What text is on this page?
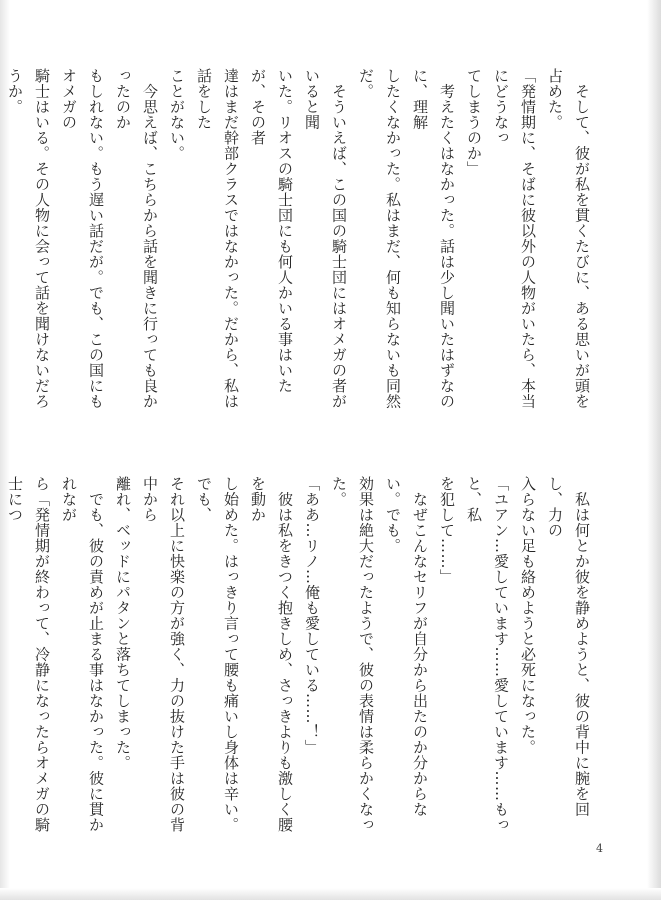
　そして、彼が私を貫くたびに、ある思いが頭を占めた。

「発情期に、そばに彼以外の人物がいたら、本当にどうなっ

てしまうのか」

　考えたくはなかった。話は少し聞いたはずなのに、理解

したくなかった。私はまだ、何も知らないも同然だ。

　そういえば、この国の騎士団にはオメガの者がいると聞

いた。リオスの騎士団にも何人かいる事はいたが、その者

達はまだ幹部クラスではなかった。だから、私は話をした

ことがない。

　今思えば、こちらから話を聞きに行っても良かったのか

もしれない。もう遅い話だが。でも、この国にもオメガの

騎士はいる。その人物に会って話を聞けないだろうか。

　私は何とか彼を静めようと、彼の背中に腕を回し、力の

入らない足も絡めようと必死になった。

「ユアン…愛しています……愛しています……もっと、私

を犯して……」

　なぜこんなセリフが自分から出たのか分からない。でも。

効果は絶大だったようで、彼の表情は柔らかくなった。

「ああ…リノ…俺も愛している……！」

　彼は私をきつく抱きしめ、さっきよりも激しく腰を動か

し始めた。はっきり言って腰も痛いし身体は辛い。でも、

それ以上に快楽の方が強く、力の抜けた手は彼の背中から

離れ、ベッドにパタンと落ちてしまった。

　でも、彼の責めが止まる事はなかった。彼に貫かれなが

ら「発情期が終わって、冷静になったらオメガの騎士につ

4
